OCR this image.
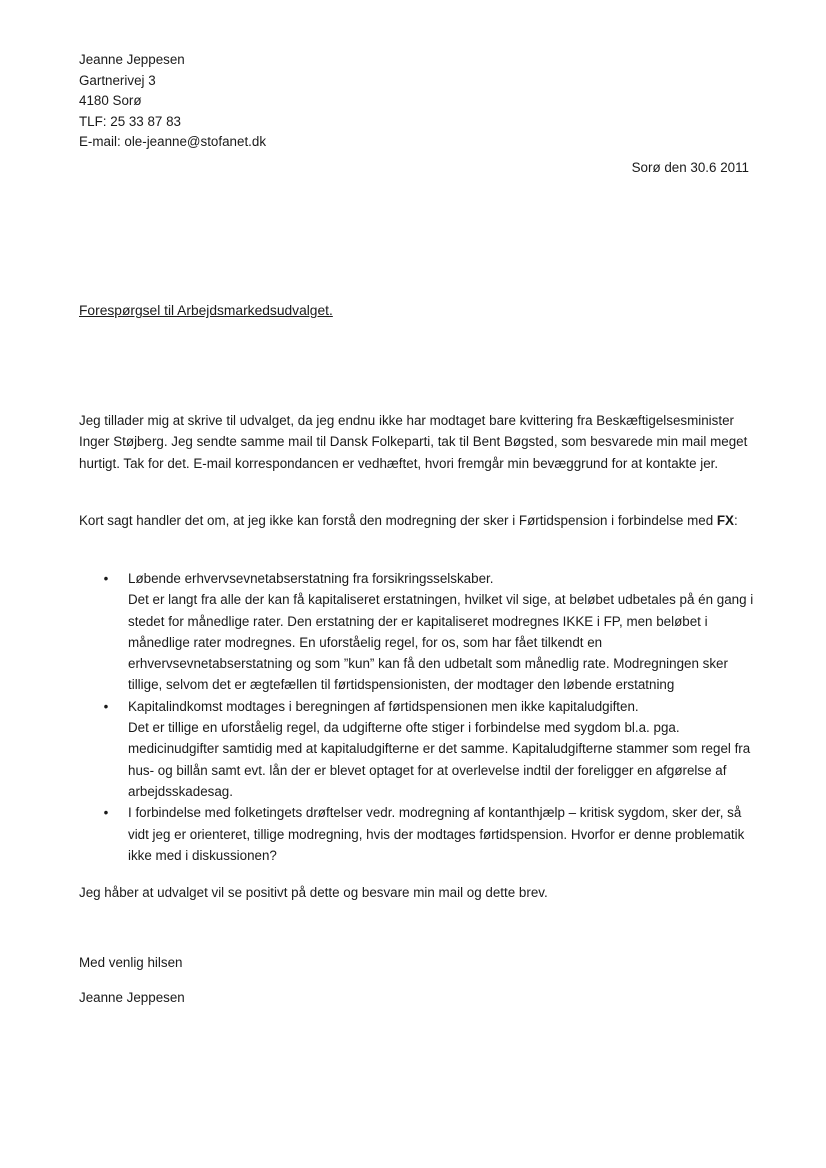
Jeanne Jeppesen
Gartnerivej 3
4180 Sorø
TLF: 25 33 87 83
E-mail: ole-jeanne@stofanet.dk
Sorø den 30.6 2011
Forespørgsel til Arbejdsmarkedsudvalget.
Jeg tillader mig at skrive til udvalget, da jeg endnu ikke har modtaget bare kvittering fra Beskæftigelsesminister Inger Støjberg. Jeg sendte samme mail til Dansk Folkeparti, tak til Bent Bøgsted, som besvarede min mail meget hurtigt. Tak for det. E-mail korrespondancen er vedhæftet, hvori fremgår min bevæggrund for at kontakte jer.
Kort sagt handler det om, at jeg ikke kan forstå den modregning der sker i Førtidspension i forbindelse med FX:
• Løbende erhvervsevnetabserstatning fra forsikringsselskaber.

Det er langt fra alle der kan få kapitaliseret erstatningen, hvilket vil sige, at beløbet udbetales på én gang i stedet for månedlige rater. Den erstatning der er kapitaliseret modregnes IKKE i FP, men beløbet i månedlige rater modregnes. En uforståelig regel, for os, som har fået tilkendt en erhvervsevnetabserstatning og som ”kun” kan få den udbetalt som månedlig rate. Modregningen sker tillige, selvom det er ægtefællen til førtidspensionisten, der modtager den løbende erstatning

• Kapitalindkomst modtages i beregningen af førtidspensionen men ikke kapitaludgiften.

Det er tillige en uforståelig regel, da udgifterne ofte stiger i forbindelse med sygdom bl.a. pga. medicinudgifter samtidig med at kapitaludgifterne er det samme. Kapitaludgifterne stammer som regel fra hus- og billån samt evt. lån der er blevet optaget for at overlevelse indtil der foreligger en afgørelse af arbejdsskadesag.

• I forbindelse med folketingets drøftelser vedr. modregning af kontanthjælp – kritisk sygdom, sker der, så vidt jeg er orienteret, tillige modregning, hvis der modtages førtidspension. Hvorfor er denne problematik ikke med i diskussionen?

Jeg håber at udvalget vil se positivt på dette og besvare min mail og dette brev.
Med venlig hilsen
Jeanne Jeppesen
